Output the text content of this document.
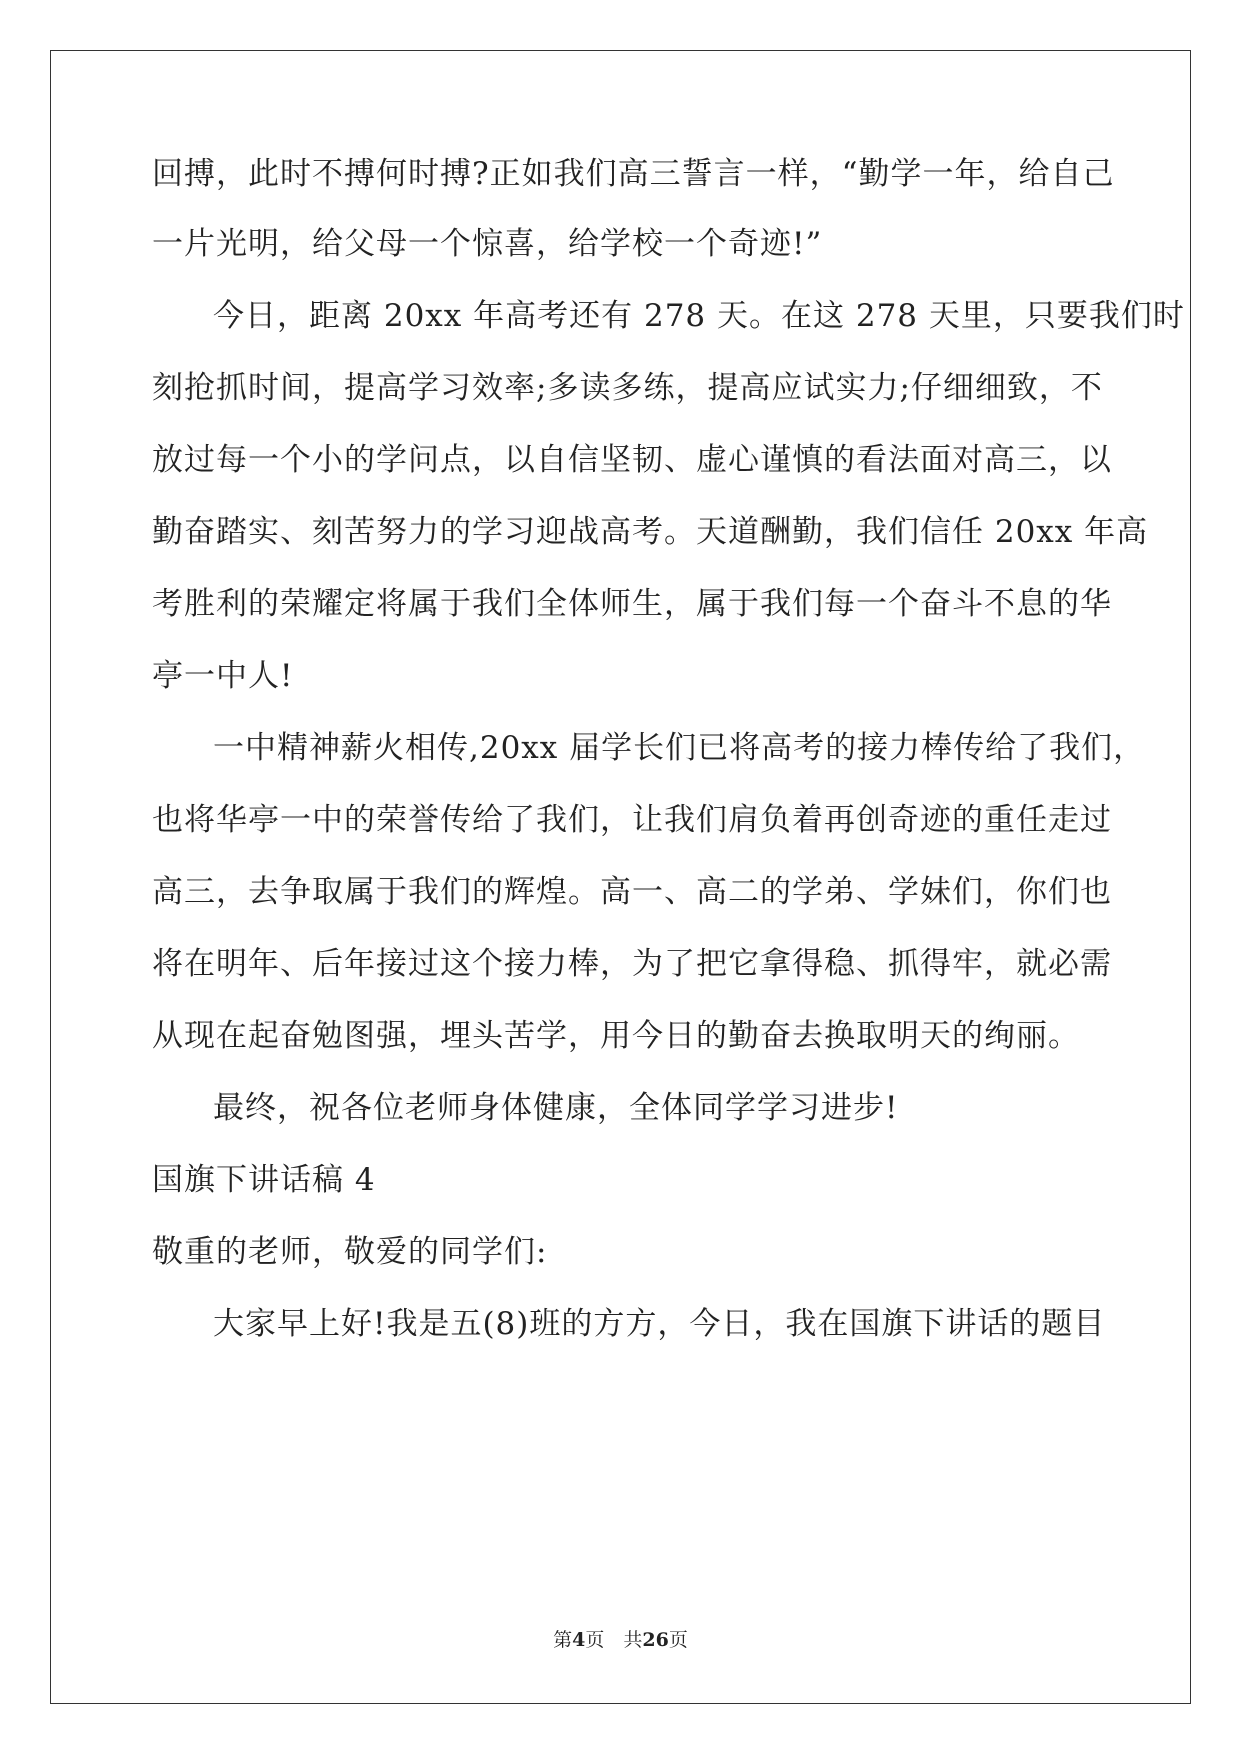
回搏，此时不搏何时搏?正如我们高三誓言一样，“勤学一年，给自己
一片光明，给父母一个惊喜，给学校一个奇迹!”
今日，距离 20xx 年高考还有 278 天。在这 278 天里，只要我们时
刻抢抓时间，提高学习效率;多读多练，提高应试实力;仔细细致，不
放过每一个小的学问点，以自信坚韧、虚心谨慎的看法面对高三，以
勤奋踏实、刻苦努力的学习迎战高考。天道酬勤，我们信任 20xx 年高
考胜利的荣耀定将属于我们全体师生，属于我们每一个奋斗不息的华
亭一中人!
一中精神薪火相传,20xx 届学长们已将高考的接力棒传给了我们，
也将华亭一中的荣誉传给了我们，让我们肩负着再创奇迹的重任走过
高三，去争取属于我们的辉煌。高一、高二的学弟、学妹们，你们也
将在明年、后年接过这个接力棒，为了把它拿得稳、抓得牢，就必需
从现在起奋勉图强，埋头苦学，用今日的勤奋去换取明天的绚丽。
最终，祝各位老师身体健康，全体同学学习进步!
国旗下讲话稿 4
敬重的老师，敬爱的同学们:
大家早上好!我是五(8)班的方方，今日，我在国旗下讲话的题目
第4页　共26页
